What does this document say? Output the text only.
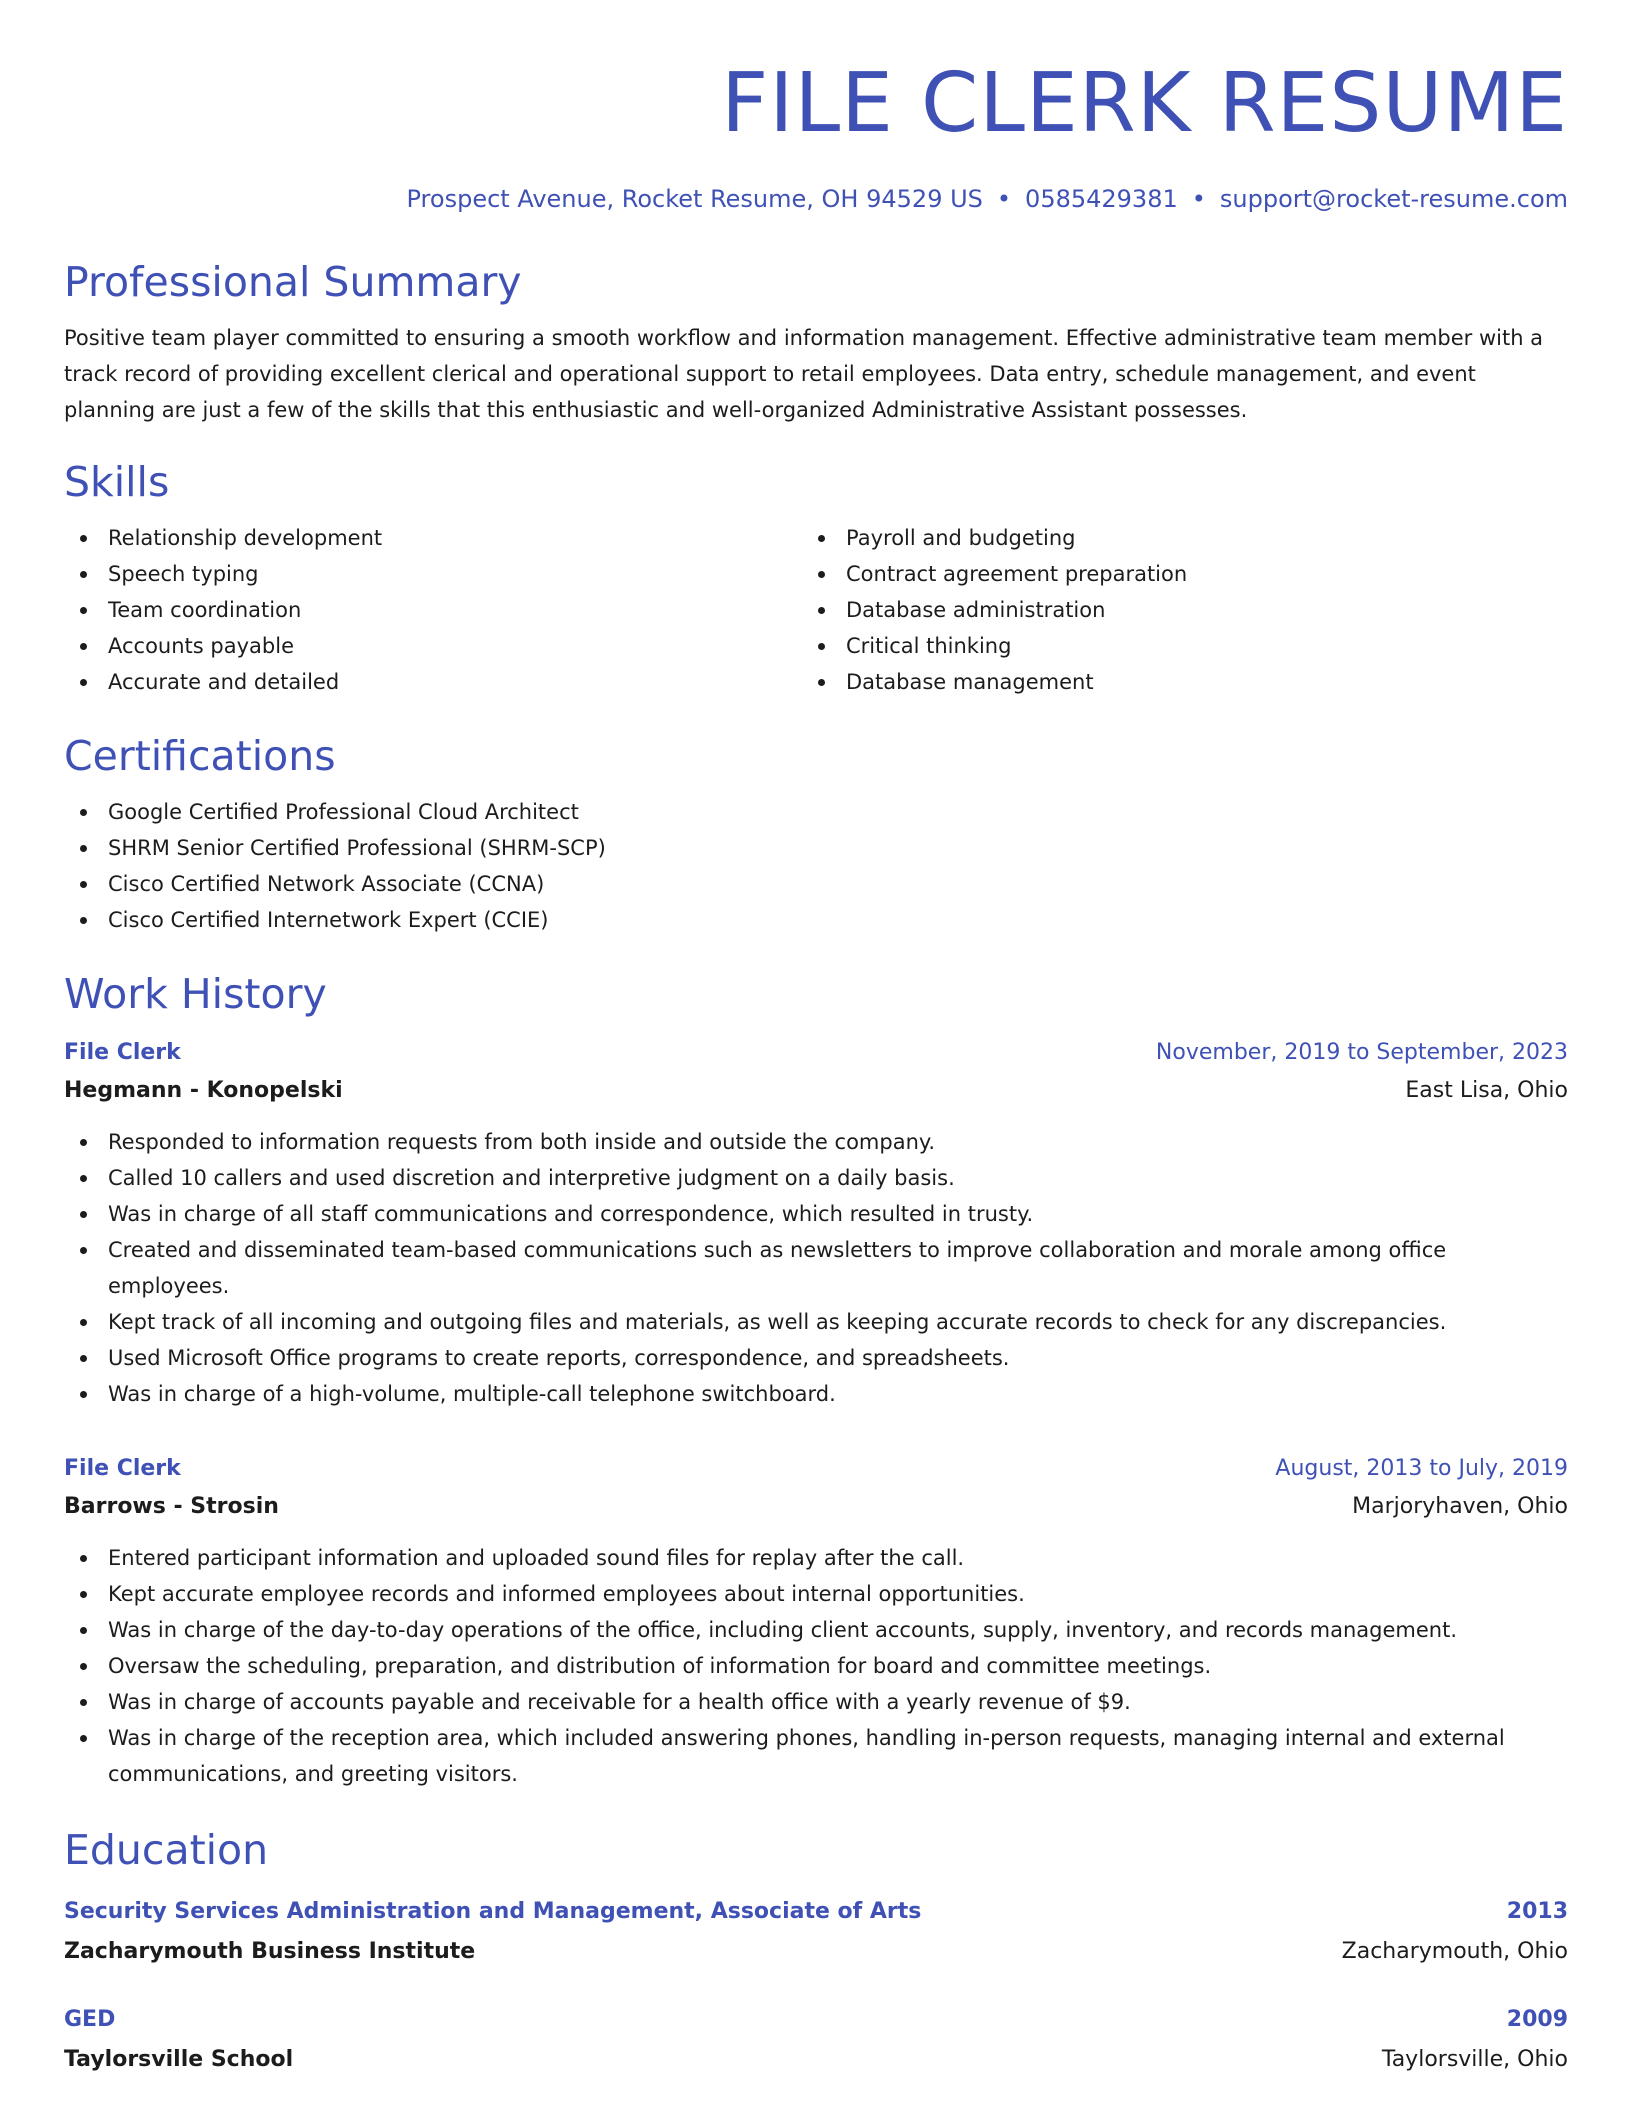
FILE CLERK RESUME
Prospect Avenue, Rocket Resume, OH 94529 US • 0585429381 • support@rocket-resume.com
Professional Summary

Positive team player committed to ensuring a smooth workflow and information management. Effective administrative team member with a track record of providing excellent clerical and operational support to retail employees. Data entry, schedule management, and event planning are just a few of the skills that this enthusiastic and well-organized Administrative Assistant possesses.

Skills
Relationship development
Speech typing
Team coordination
Accounts payable
Accurate and detailed
Payroll and budgeting
Contract agreement preparation
Database administration
Critical thinking
Database management
Certifications
Google Certified Professional Cloud Architect
SHRM Senior Certified Professional (SHRM-SCP)
Cisco Certified Network Associate (CCNA)
Cisco Certified Internetwork Expert (CCIE)
Work History
File Clerk	November, 2019 to September, 2023
Hegmann - Konopelski	East Lisa, Ohio
Responded to information requests from both inside and outside the company.
Called 10 callers and used discretion and interpretive judgment on a daily basis.
Was in charge of all staff communications and correspondence, which resulted in trusty.
Created and disseminated team-based communications such as newsletters to improve collaboration and morale among office employees.
Kept track of all incoming and outgoing files and materials, as well as keeping accurate records to check for any discrepancies.
Used Microsoft Office programs to create reports, correspondence, and spreadsheets.
Was in charge of a high-volume, multiple-call telephone switchboard.
File Clerk	August, 2013 to July, 2019
Barrows - Strosin	Marjoryhaven, Ohio
Entered participant information and uploaded sound files for replay after the call.
Kept accurate employee records and informed employees about internal opportunities.
Was in charge of the day-to-day operations of the office, including client accounts, supply, inventory, and records management.
Oversaw the scheduling, preparation, and distribution of information for board and committee meetings.
Was in charge of accounts payable and receivable for a health office with a yearly revenue of $9.
Was in charge of the reception area, which included answering phones, handling in-person requests, managing internal and external communications, and greeting visitors.
Education
Security Services Administration and Management, Associate of Arts	2013
Zacharymouth Business Institute	Zacharymouth, Ohio
GED	2009
Taylorsville School	Taylorsville, Ohio
